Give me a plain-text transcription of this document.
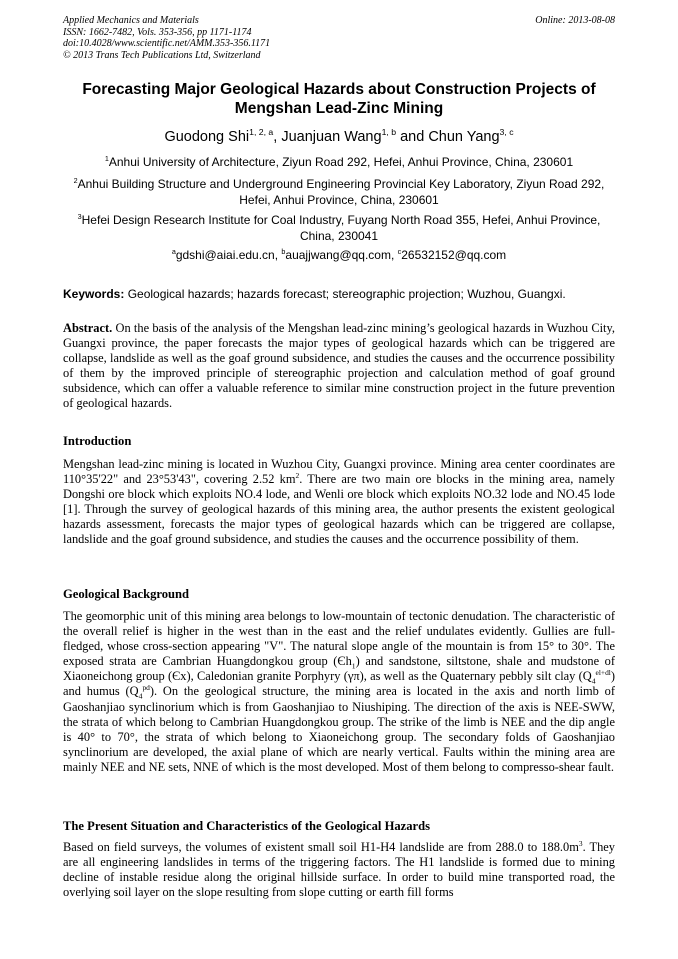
Applied Mechanics and Materials
ISSN: 1662-7482, Vols. 353-356, pp 1171-1174
doi:10.4028/www.scientific.net/AMM.353-356.1171
© 2013 Trans Tech Publications Ltd, Switzerland
Online: 2013-08-08
Forecasting Major Geological Hazards about Construction Projects of
Mengshan Lead-Zinc Mining
Guodong Shi$^{1, 2, a}$, Juanjuan Wang$^{1, b}$ and Chun Yang$^{3, c}$
$^1$Anhui University of Architecture, Ziyun Road 292, Hefei, Anhui Province, China, 230601
$^2$Anhui Building Structure and Underground Engineering Provincial Key Laboratory, Ziyun Road 292,
Hefei, Anhui Province, China, 230601
$^3$Hefei Design Research Institute for Coal Industry, Fuyang North Road 355, Hefei, Anhui Province,
China, 230041
$^a$gdshi@aiai.edu.cn, $^b$auajjwang@qq.com, $^c$26532152@qq.com
Keywords: Geological hazards; hazards forecast; stereographic projection; Wuzhou, Guangxi.
Abstract. On the basis of the analysis of the Mengshan lead-zinc mining’s geological hazards in Wuzhou City, Guangxi province, the paper forecasts the major types of geological hazards which can be triggered are collapse, landslide as well as the goaf ground subsidence, and studies the causes and the occurrence possibility of them by the improved principle of stereographic projection and calculation method of goaf ground subsidence, which can offer a valuable reference to similar mine construction project in the future prevention of geological hazards.
Introduction
Mengshan lead-zinc mining is located in Wuzhou City, Guangxi province. Mining area center coordinates are 110°35'22" and 23°53'43", covering 2.52 $km^2$. There are two main ore blocks in the mining area, namely Dongshi ore block which exploits NO.4 lode, and Wenli ore block which exploits NO.32 lode and NO.45 lode [1]. Through the survey of geological hazards of this mining area, the author presents the existent geological hazards assessment, forecasts the major types of geological hazards which can be triggered are collapse, landslide and the goaf ground subsidence, and studies the causes and the occurrence possibility of them.
Geological Background
The geomorphic unit of this mining area belongs to low-mountain of tectonic denudation. The characteristic of the overall relief is higher in the west than in the east and the relief undulates evidently. Gullies are full-fledged, whose cross-section appearing "V". The natural slope angle of the mountain is from 15° to 30°. The exposed strata are Cambrian Huangdongkou group $(Єh_1)$ and sandstone, siltstone, shale and mudstone of Xiaoneichong group (Єx), Caledonian granite Porphyry (γπ), as well as the Quaternary pebbly silt clay $(Q_4^{el+dl})$ and humus $(Q_4^{pd})$. On the geological structure, the mining area is located in the axis and north limb of Gaoshanjiao synclinorium which is from Gaoshanjiao to Niushiping. The direction of the axis is NEE-SWW, the strata of which belong to Cambrian Huangdongkou group. The strike of the limb is NEE and the dip angle is 40° to 70°, the strata of which belong to Xiaoneichong group. The secondary folds of Gaoshanjiao synclinorium are developed, the axial plane of which are nearly vertical. Faults within the mining area are mainly NEE and NE sets, NNE of which is the most developed. Most of them belong to compresso-shear fault.
The Present Situation and Characteristics of the Geological Hazards
Based on field surveys, the volumes of existent small soil H1-H4 landslide are from 288.0 to $188.0m^3$. They are all engineering landslides in terms of the triggering factors. The H1 landslide is formed due to mining decline of instable residue along the original hillside surface. In order to build mine transported road, the overlying soil layer on the slope resulting from slope cutting or earth fill forms
